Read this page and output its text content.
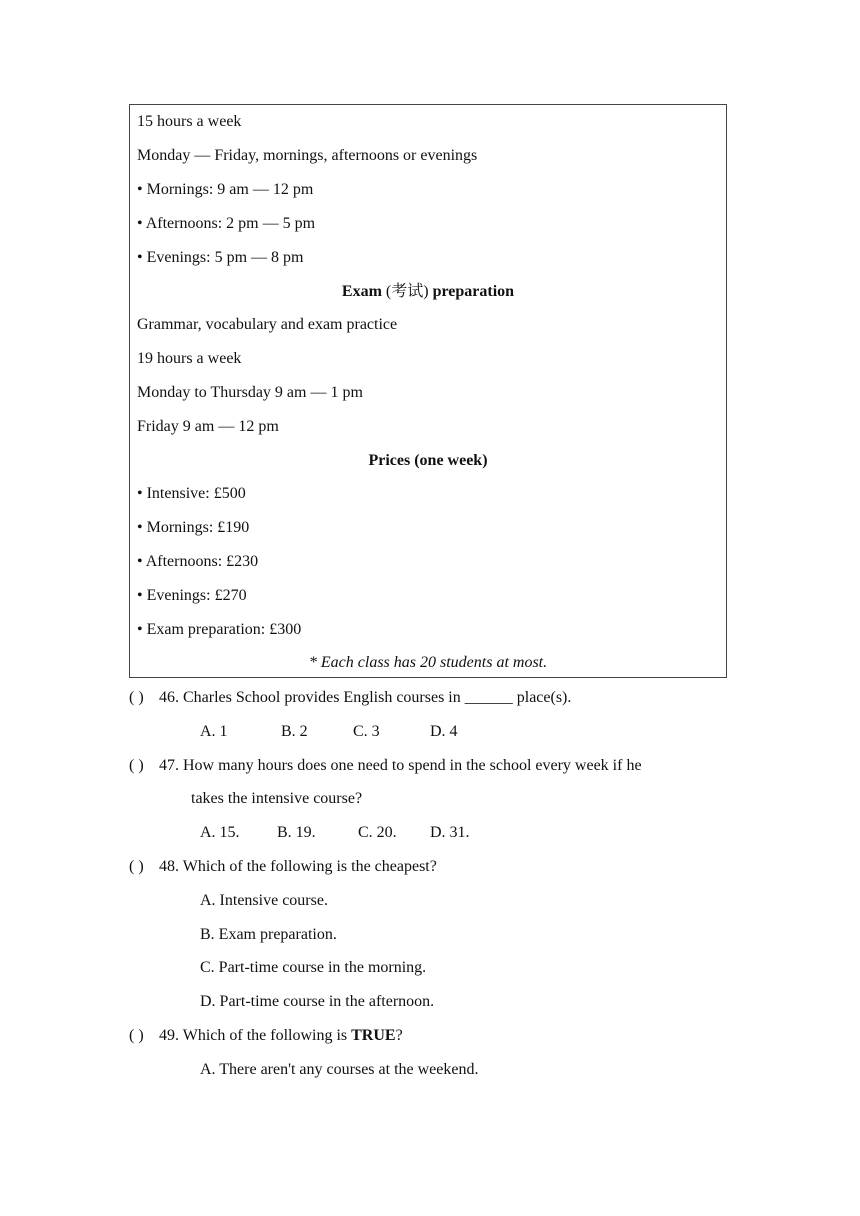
15 hours a week
Monday — Friday, mornings, afternoons or evenings
• Mornings: 9 am — 12 pm
• Afternoons: 2 pm — 5 pm
• Evenings: 5 pm — 8 pm
Exam (考试) preparation
Grammar, vocabulary and exam practice
19 hours a week
Monday to Thursday 9 am — 1 pm
Friday 9 am — 12 pm
Prices (one week)
• Intensive: £500
• Mornings: £190
• Afternoons: £230
• Evenings: £270
• Exam preparation: £300
* Each class has 20 students at most.
( ) 46. Charles School provides English courses in ______ place(s).
A. 1	B. 2	C. 3	D. 4
( ) 47. How many hours does one need to spend in the school every week if he
takes the intensive course?
A. 15. B. 19.	C. 20. D. 31.
( ) 48. Which of the following is the cheapest?
A. Intensive course.
B. Exam preparation.
C. Part-time course in the morning.
D. Part-time course in the afternoon.
( ) 49. Which of the following is TRUE?
A. There aren't any courses at the weekend.
